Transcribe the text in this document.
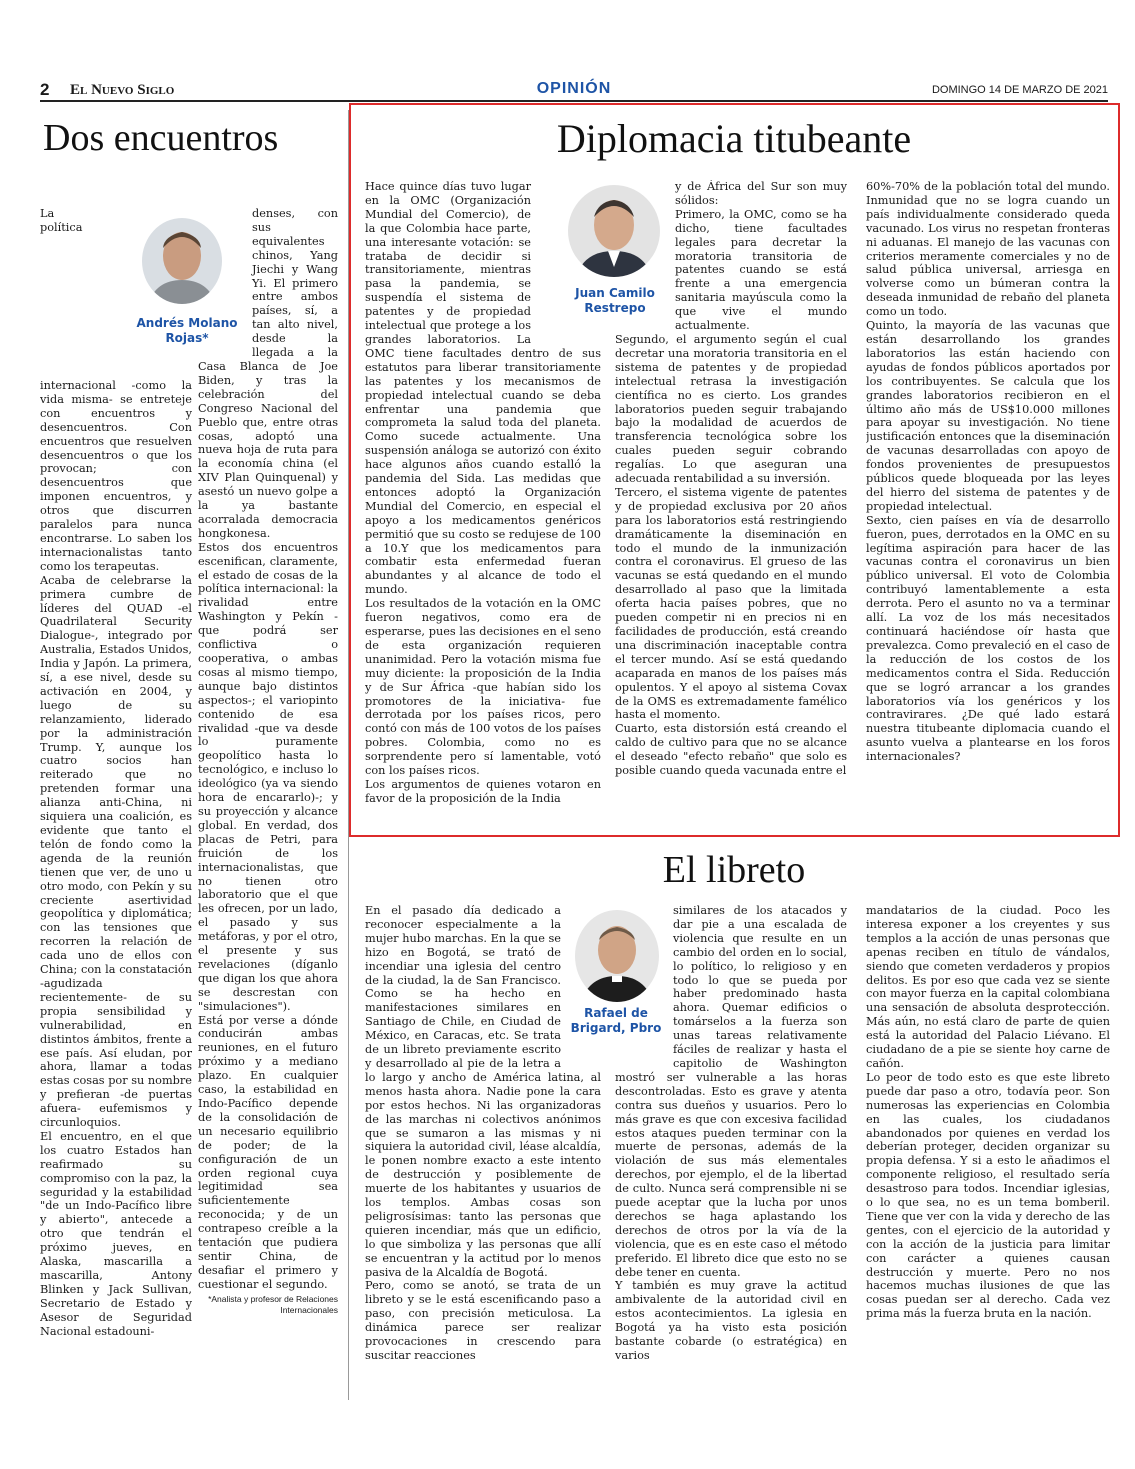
2 El Nuevo Siglo	OPINIÓN	DOMINGO 14 DE MARZO DE 2021
Dos encuentros
Andrés Molano Rojas*

La política internacional -como la vida misma- se entreteje con encuentros y desencuentros. Con encuentros que resuelven desencuentros o que los provocan; con desencuentros que imponen encuentros, y otros que discurren paralelos para nunca encontrarse. Lo saben los internacionalistas tanto como los terapeutas.
Acaba de celebrarse la primera cumbre de líderes del QUAD -el Quadrilateral Security Dialogue-, integrado por Australia, Estados Unidos, India y Japón. La primera, sí, a ese nivel, desde su activación en 2004, y luego de su relanzamiento, liderado por la administración Trump. Y, aunque los cuatro socios han reiterado que no pretenden formar una alianza anti-China, ni siquiera una coalición, es evidente que tanto el telón de fondo como la agenda de la reunión tienen que ver, de uno u otro modo, con Pekín y su creciente asertividad geopolítica y diplomática; con las tensiones que recorren la relación de cada uno de ellos con China; con la constatación -agudizada recientemente- de su propia sensibilidad y vulnerabilidad, en distintos ámbitos, frente a ese país. Así eludan, por ahora, llamar a todas estas cosas por su nombre y prefieran -de puertas afuera- eufemismos y circunloquios.
El encuentro, en el que los cuatro Estados han reafirmado su compromiso con la paz, la seguridad y la estabilidad "de un Indo-Pacífico libre y abierto", antecede a otro que tendrán el próximo jueves, en Alaska, mascarilla a mascarilla, Antony Blinken y Jack Sullivan, Secretario de Estado y Asesor de Seguridad Nacional estadouni-

denses, con sus equivalentes chinos, Yang Jiechi y Wang Yi. El primero entre ambos países, sí, a tan alto nivel, desde la llegada a la Casa Blanca de Joe Biden, y tras la celebración del Congreso Nacional del Pueblo que, entre otras cosas, adoptó una nueva hoja de ruta para la economía china (el XIV Plan Quinquenal) y asestó un nuevo golpe a la ya bastante acorralada democracia hongkonesa.
Estos dos encuentros escenifican, claramente, el estado de cosas de la política internacional: la rivalidad entre Washington y Pekín -que podrá ser conflictiva o cooperativa, o ambas cosas al mismo tiempo, aunque bajo distintos aspectos-; el variopinto contenido de esa rivalidad -que va desde lo puramente geopolítico hasta lo tecnológico, e incluso lo ideológico (ya va siendo hora de encararlo)-; y su proyección y alcance global. En verdad, dos placas de Petri, para fruición de los internacionalistas, que no tienen otro laboratorio que el que les ofrecen, por un lado, el pasado y sus metáforas, y por el otro, el presente y sus revelaciones (díganlo que digan los que ahora se descrestan con "simulaciones").
Está por verse a dónde conducirán ambas reuniones, en el futuro próximo y a mediano plazo. En cualquier caso, la estabilidad en Indo-Pacífico depende de la consolidación de un necesario equilibrio de poder; de la configuración de un orden regional cuya legitimidad sea suficientemente reconocida; y de un contrapeso creíble a la tentación que pudiera sentir China, de desafiar el primero y cuestionar el segundo.

*Analista y profesor de Relaciones Internacionales
Diplomacia titubeante
Juan Camilo Restrepo

Hace quince días tuvo lugar en la OMC (Organización Mundial del Comercio), de la que Colombia hace parte, una interesante votación: se trataba de decidir si transitoriamente, mientras pasa la pandemia, se suspendía el sistema de patentes y de propiedad intelectual que protege a los grandes laboratorios. La OMC tiene facultades dentro de sus estatutos para liberar transitoriamente las patentes y los mecanismos de propiedad intelectual cuando se deba enfrentar una pandemia que comprometa la salud toda del planeta. Como sucede actualmente. Una suspensión análoga se autorizó con éxito hace algunos años cuando estalló la pandemia del Sida. Las medidas que entonces adoptó la Organización Mundial del Comercio, en especial el apoyo a los medicamentos genéricos permitió que su costo se redujese de 100 a 10.Y que los medicamentos para combatir esta enfermedad fueran abundantes y al alcance de todo el mundo.
Los resultados de la votación en la OMC fueron negativos, como era de esperarse, pues las decisiones en el seno de esta organización requieren unanimidad. Pero la votación misma fue muy diciente: la proposición de la India y de Sur África -que habían sido los promotores de la iniciativa- fue derrotada por los países ricos, pero contó con más de 100 votos de los países pobres. Colombia, como no es sorprendente pero sí lamentable, votó con los países ricos.
Los argumentos de quienes votaron en favor de la proposición de la India

y de África del Sur son muy sólidos:
Primero, la OMC, como se ha dicho, tiene facultades legales para decretar la moratoria transitoria de patentes cuando se está frente a una emergencia sanitaria mayúscula como la que vive el mundo actualmente.
Segundo, el argumento según el cual decretar una moratoria transitoria en el sistema de patentes y de propiedad intelectual retrasa la investigación científica no es cierto. Los grandes laboratorios pueden seguir trabajando bajo la modalidad de acuerdos de transferencia tecnológica sobre los cuales pueden seguir cobrando regalías. Lo que aseguran una adecuada rentabilidad a su inversión.
Tercero, el sistema vigente de patentes y de propiedad exclusiva por 20 años para los laboratorios está restringiendo dramáticamente la diseminación en todo el mundo de la inmunización contra el coronavirus. El grueso de las vacunas se está quedando en el mundo desarrollado al paso que la limitada oferta hacia países pobres, que no pueden competir ni en precios ni en facilidades de producción, está creando una discriminación inaceptable contra el tercer mundo. Así se está quedando acaparada en manos de los países más opulentos. Y el apoyo al sistema Covax de la OMS es extremadamente famélico hasta el momento.
Cuarto, esta distorsión está creando el caldo de cultivo para que no se alcance el deseado "efecto rebaño" que solo es posible cuando queda vacunada entre el

60%-70% de la población total del mundo. Inmunidad que no se logra cuando un país individualmente considerado queda vacunado. Los virus no respetan fronteras ni aduanas. El manejo de las vacunas con criterios meramente comerciales y no de salud pública universal, arriesga en volverse como un búmeran contra la deseada inmunidad de rebaño del planeta como un todo.
Quinto, la mayoría de las vacunas que están desarrollando los grandes laboratorios las están haciendo con ayudas de fondos públicos aportados por los contribuyentes. Se calcula que los grandes laboratorios recibieron en el último año más de US$10.000 millones para apoyar su investigación. No tiene justificación entonces que la diseminación de vacunas desarrolladas con apoyo de fondos provenientes de presupuestos públicos quede bloqueada por las leyes del hierro del sistema de patentes y de propiedad intelectual.
Sexto, cien países en vía de desarrollo fueron, pues, derrotados en la OMC en su legítima aspiración para hacer de las vacunas contra el coronavirus un bien público universal. El voto de Colombia contribuyó lamentablemente a esta derrota. Pero el asunto no va a terminar allí. La voz de los más necesitados continuará haciéndose oír hasta que prevalezca. Como prevaleció en el caso de la reducción de los costos de los medicamentos contra el Sida. Reducción que se logró arrancar a los grandes laboratorios vía los genéricos y los contravirares. ¿De qué lado estará nuestra titubeante diplomacia cuando el asunto vuelva a plantearse en los foros internacionales?

El libreto
Rafael de Brigard, Pbro

En el pasado día dedicado a reconocer especialmente a la mujer hubo marchas. En la que se hizo en Bogotá, se trató de incendiar una iglesia del centro de la ciudad, la de San Francisco. Como se ha hecho en manifestaciones similares en Santiago de Chile, en Ciudad de México, en Caracas, etc. Se trata de un libreto previamente escrito y desarrollado al pie de la letra a lo largo y ancho de América latina, al menos hasta ahora. Nadie pone la cara por estos hechos. Ni las organizadoras de las marchas ni colectivos anónimos que se sumaron a las mismas y ni siquiera la autoridad civil, léase alcaldía, le ponen nombre exacto a este intento de destrucción y posiblemente de muerte de los habitantes y usuarios de los templos. Ambas cosas son peligrosísimas: tanto las personas que quieren incendiar, más que un edificio, lo que simboliza y las personas que allí se encuentran y la actitud por lo menos pasiva de la Alcaldía de Bogotá.
Pero, como se anotó, se trata de un libreto y se le está escenificando paso a paso, con precisión meticulosa. La dinámica parece ser realizar provocaciones in crescendo para suscitar reacciones

similares de los atacados y dar pie a una escalada de violencia que resulte en un cambio del orden en lo social, lo político, lo religioso y en todo lo que se pueda por haber predominado hasta ahora. Quemar edificios o tomárselos a la fuerza son unas tareas relativamente fáciles de realizar y hasta el capitolio de Washington mostró ser vulnerable a las horas descontroladas. Esto es grave y atenta contra sus dueños y usuarios. Pero lo más grave es que con excesiva facilidad estos ataques pueden terminar con la muerte de personas, además de la violación de sus más elementales derechos, por ejemplo, el de la libertad de culto. Nunca será comprensible ni se puede aceptar que la lucha por unos derechos se haga aplastando los derechos de otros por la vía de la violencia, que es en este caso el método preferido. El libreto dice que esto no se debe tener en cuenta.
Y también es muy grave la actitud ambivalente de la autoridad civil en estos acontecimientos. La iglesia en Bogotá ya ha visto esta posición bastante cobarde (o estratégica) en varios

mandatarios de la ciudad. Poco les interesa exponer a los creyentes y sus templos a la acción de unas personas que apenas reciben en título de vándalos, siendo que cometen verdaderos y propios delitos. Es por eso que cada vez se siente con mayor fuerza en la capital colombiana una sensación de absoluta desprotección. Más aún, no está claro de parte de quien está la autoridad del Palacio Liévano. El ciudadano de a pie se siente hoy carne de cañón.
Lo peor de todo esto es que este libreto puede dar paso a otro, todavía peor. Son numerosas las experiencias en Colombia en las cuales, los ciudadanos abandonados por quienes en verdad los deberían proteger, deciden organizar su propia defensa. Y si a esto le añadimos el componente religioso, el resultado sería desastroso para todos. Incendiar iglesias, o lo que sea, no es un tema bomberil. Tiene que ver con la vida y derecho de las gentes, con el ejercicio de la autoridad y con la acción de la justicia para limitar con carácter a quienes causan destrucción y muerte. Pero no nos hacemos muchas ilusiones de que las cosas puedan ser al derecho. Cada vez prima más la fuerza bruta en la nación.
